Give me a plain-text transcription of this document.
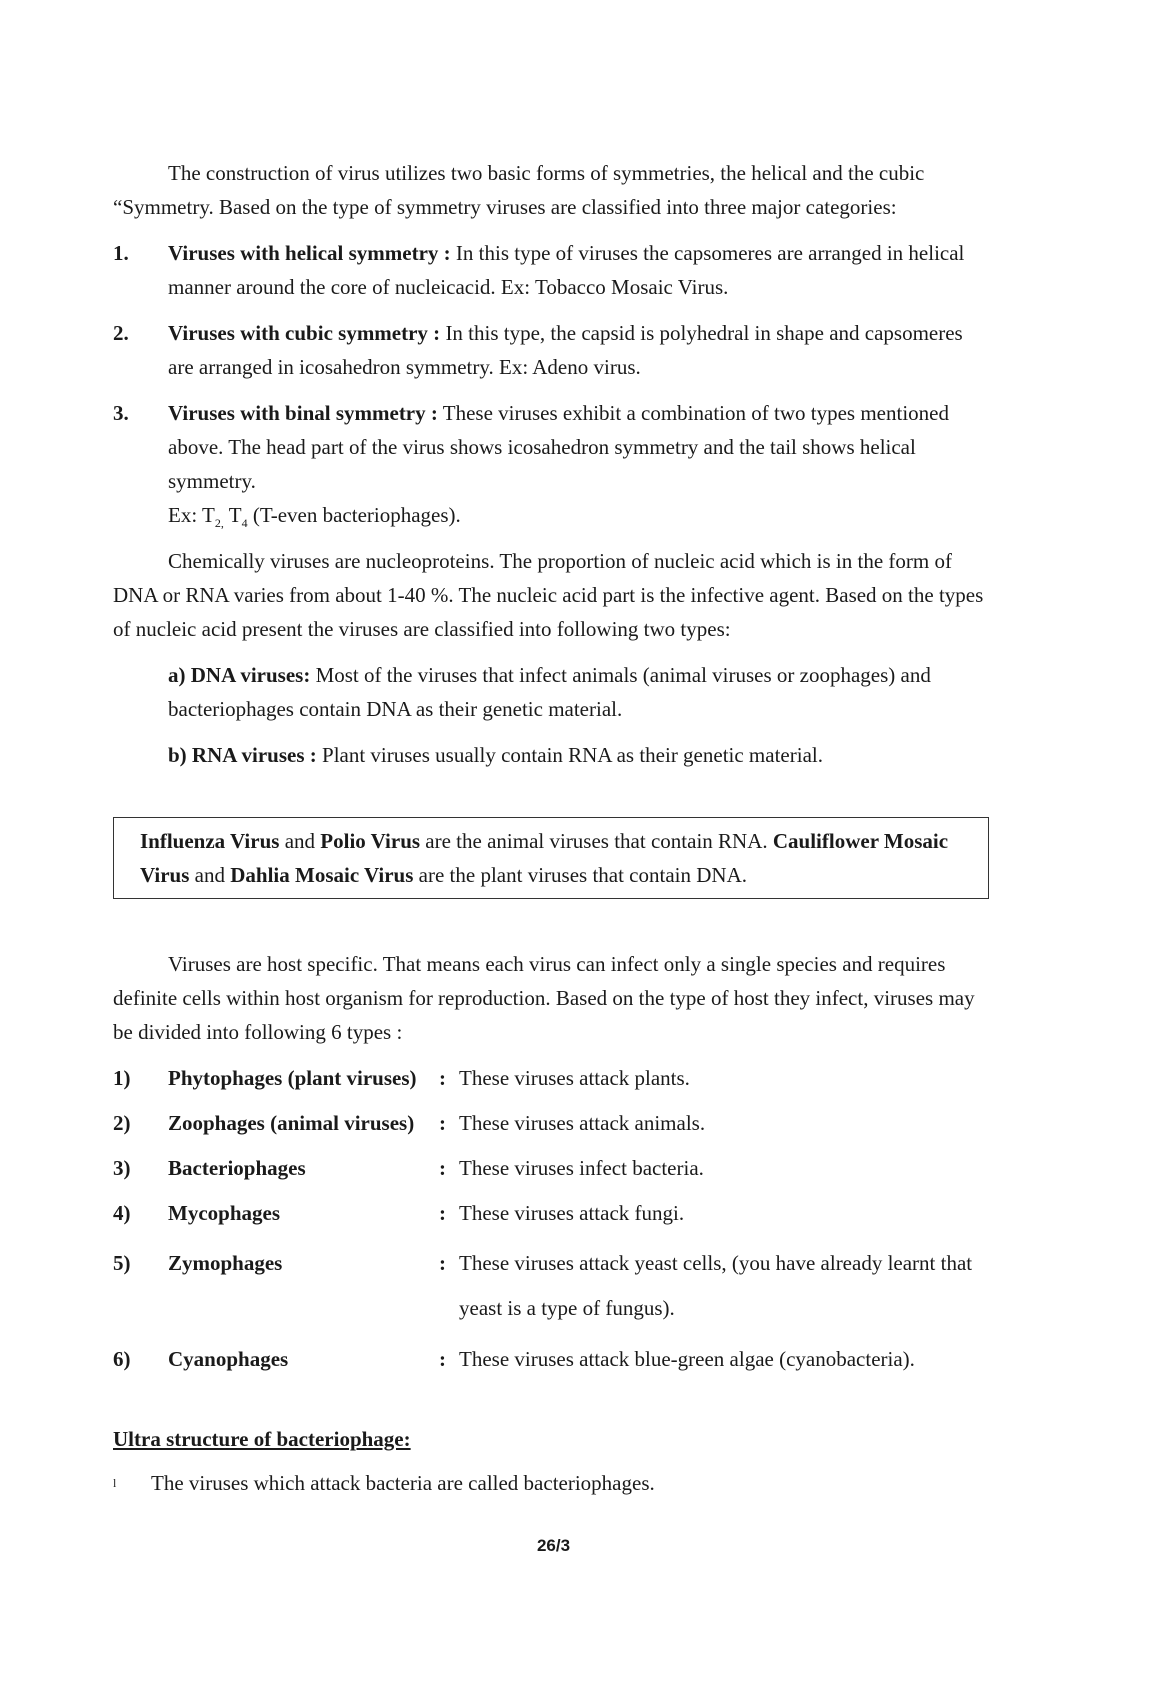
The construction of virus utilizes two basic forms of symmetries, the helical and the cubic “Symmetry. Based on the type of symmetry viruses are classified into three major categories:

1.	Viruses with helical symmetry : In this type of viruses the capsomeres are arranged in helical manner around the core of nucleicacid. Ex: Tobacco Mosaic Virus.
2.	Viruses with cubic symmetry : In this type, the capsid is polyhedral in shape and capsomeres are arranged in icosahedron symmetry. Ex: Adeno virus.
3.	Viruses with binal symmetry : These viruses exhibit a combination of two types mentioned above. The head part of the virus shows icosahedron symmetry and the tail shows helical symmetry.
Ex: $T_{2,}$ $T_4$ (T-even bacteriophages).

Chemically viruses are nucleoproteins. The proportion of nucleic acid which is in the form of DNA or RNA varies from about 1-40 %. The nucleic acid part is the infective agent. Based on the types of nucleic acid present the viruses are classified into following two types:

a) DNA viruses: Most of the viruses that infect animals (animal viruses or zoophages) and bacteriophages contain DNA as their genetic material.

b) RNA viruses : Plant viruses usually contain RNA as their genetic material.

Influenza Virus and Polio Virus are the animal viruses that contain RNA. Cauliflower Mosaic Virus and Dahlia Mosaic Virus are the plant viruses that contain DNA.

Viruses are host specific. That means each virus can infect only a single species and requires definite cells within host organism for reproduction. Based on the type of host they infect, viruses may be divided into following 6 types :

1)	Phytophages (plant viruses)	: These viruses attack plants.
2)	Zoophages (animal viruses)	: These viruses attack animals.
3)	Bacteriophages	: These viruses infect bacteria.
4)	Mycophages	: These viruses attack fungi.
5)	Zymophages	: These viruses attack yeast cells, (you have already learnt that yeast is a type of fungus).
6)	Cyanophages	: These viruses attack blue-green algae (cyanobacteria).

Ultra structure of bacteriophage:

l	The viruses which attack bacteria are called bacteriophages.
26/3
